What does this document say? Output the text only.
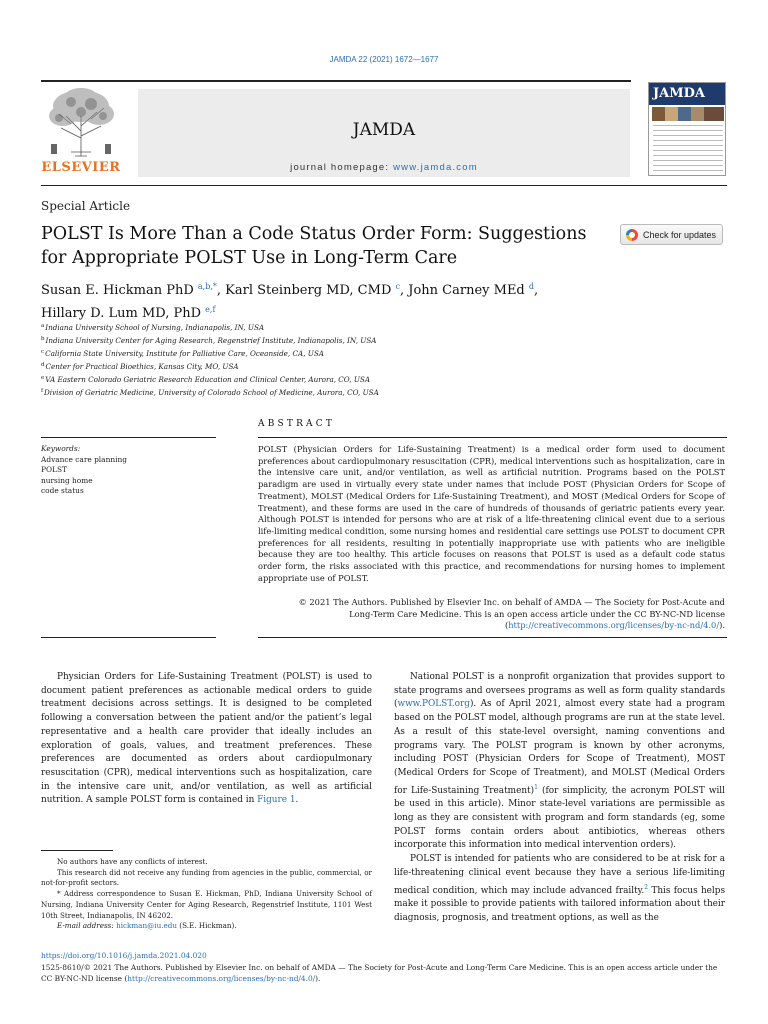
JAMDA 22 (2021) 1672—1677
ELSEVIER
JAMDA
journal homepage: www.jamda.com
JAMDA
Special Article
POLST Is More Than a Code Status Order Form: Suggestions for Appropriate POLST Use in Long-Term Care
Check for updates
Susan E. Hickman PhD $^{a,b,*}$, Karl Steinberg MD, CMD $^c$, John Carney MEd $^d$,
Hillary D. Lum MD, PhD $^{e,f}$
$^a$Indiana University School of Nursing, Indianapolis, IN, USA
$^b$Indiana University Center for Aging Research, Regenstrief Institute, Indianapolis, IN, USA
$^c$California State University, Institute for Palliative Care, Oceanside, CA, USA
$^d$Center for Practical Bioethics, Kansas City, MO, USA
$^e$VA Eastern Colorado Geriatric Research Education and Clinical Center, Aurora, CO, USA
$^f$Division of Geriatric Medicine, University of Colorado School of Medicine, Aurora, CO, USA
ABSTRACT
Keywords:
Advance care planning
POLST
nursing home
code status
POLST (Physician Orders for Life-Sustaining Treatment) is a medical order form used to document preferences about cardiopulmonary resuscitation (CPR), medical interventions such as hospitalization, care in the intensive care unit, and/or ventilation, as well as artificial nutrition. Programs based on the POLST paradigm are used in virtually every state under names that include POST (Physician Orders for Scope of Treatment), MOLST (Medical Orders for Life-Sustaining Treatment), and MOST (Medical Orders for Scope of Treatment), and these forms are used in the care of hundreds of thousands of geriatric patients every year. Although POLST is intended for persons who are at risk of a life-threatening clinical event due to a serious life-limiting medical condition, some nursing homes and residential care settings use POLST to document CPR preferences for all residents, resulting in potentially inappropriate use with patients who are ineligible because they are too healthy. This article focuses on reasons that POLST is used as a default code status order form, the risks associated with this practice, and recommendations for nursing homes to implement appropriate use of POLST.
© 2021 The Authors. Published by Elsevier Inc. on behalf of AMDA — The Society for Post-Acute and Long-Term Care Medicine. This is an open access article under the CC BY-NC-ND license (http://creativecommons.org/licenses/by-nc-nd/4.0/).

Physician Orders for Life-Sustaining Treatment (POLST) is used to document patient preferences as actionable medical orders to guide treatment decisions across settings. It is designed to be completed following a conversation between the patient and/or the patient’s legal representative and a health care provider that ideally includes an exploration of goals, values, and treatment preferences. These preferences are documented as orders about cardiopulmonary resuscitation (CPR), medical interventions such as hospitalization, care in the intensive care unit, and/or ventilation, as well as artificial nutrition. A sample POLST form is contained in Figure 1.

National POLST is a nonprofit organization that provides support to state programs and oversees programs as well as form quality standards (www.POLST.org). As of April 2021, almost every state had a program based on the POLST model, although programs are run at the state level. As a result of this state-level oversight, naming conventions and programs vary. The POLST program is known by other acronyms, including POST (Physician Orders for Scope of Treatment), MOST (Medical Orders for Scope of Treatment), and MOLST (Medical Orders for Life-Sustaining Treatment)$^1$ (for simplicity, the acronym POLST will be used in this article). Minor state-level variations are permissible as long as they are consistent with program and form standards (eg, some POLST forms contain orders about antibiotics, whereas others incorporate this information into medical intervention orders).

POLST is intended for patients who are considered to be at risk for a life-threatening clinical event because they have a serious life-limiting medical condition, which may include advanced frailty.$^2$ This focus helps make it possible to provide patients with tailored information about their diagnosis, prognosis, and treatment options, as well as the

No authors have any conflicts of interest.

This research did not receive any funding from agencies in the public, commercial, or not-for-profit sectors.

* Address correspondence to Susan E. Hickman, PhD, Indiana University School of Nursing, Indiana University Center for Aging Research, Regenstrief Institute, 1101 West 10th Street, Indianapolis, IN 46202.

E-mail address: hickman@iu.edu (S.E. Hickman).

https://doi.org/10.1016/j.jamda.2021.04.020
1525-8610/© 2021 The Authors. Published by Elsevier Inc. on behalf of AMDA — The Society for Post-Acute and Long-Term Care Medicine. This is an open access article under the CC BY-NC-ND license (http://creativecommons.org/licenses/by-nc-nd/4.0/).
